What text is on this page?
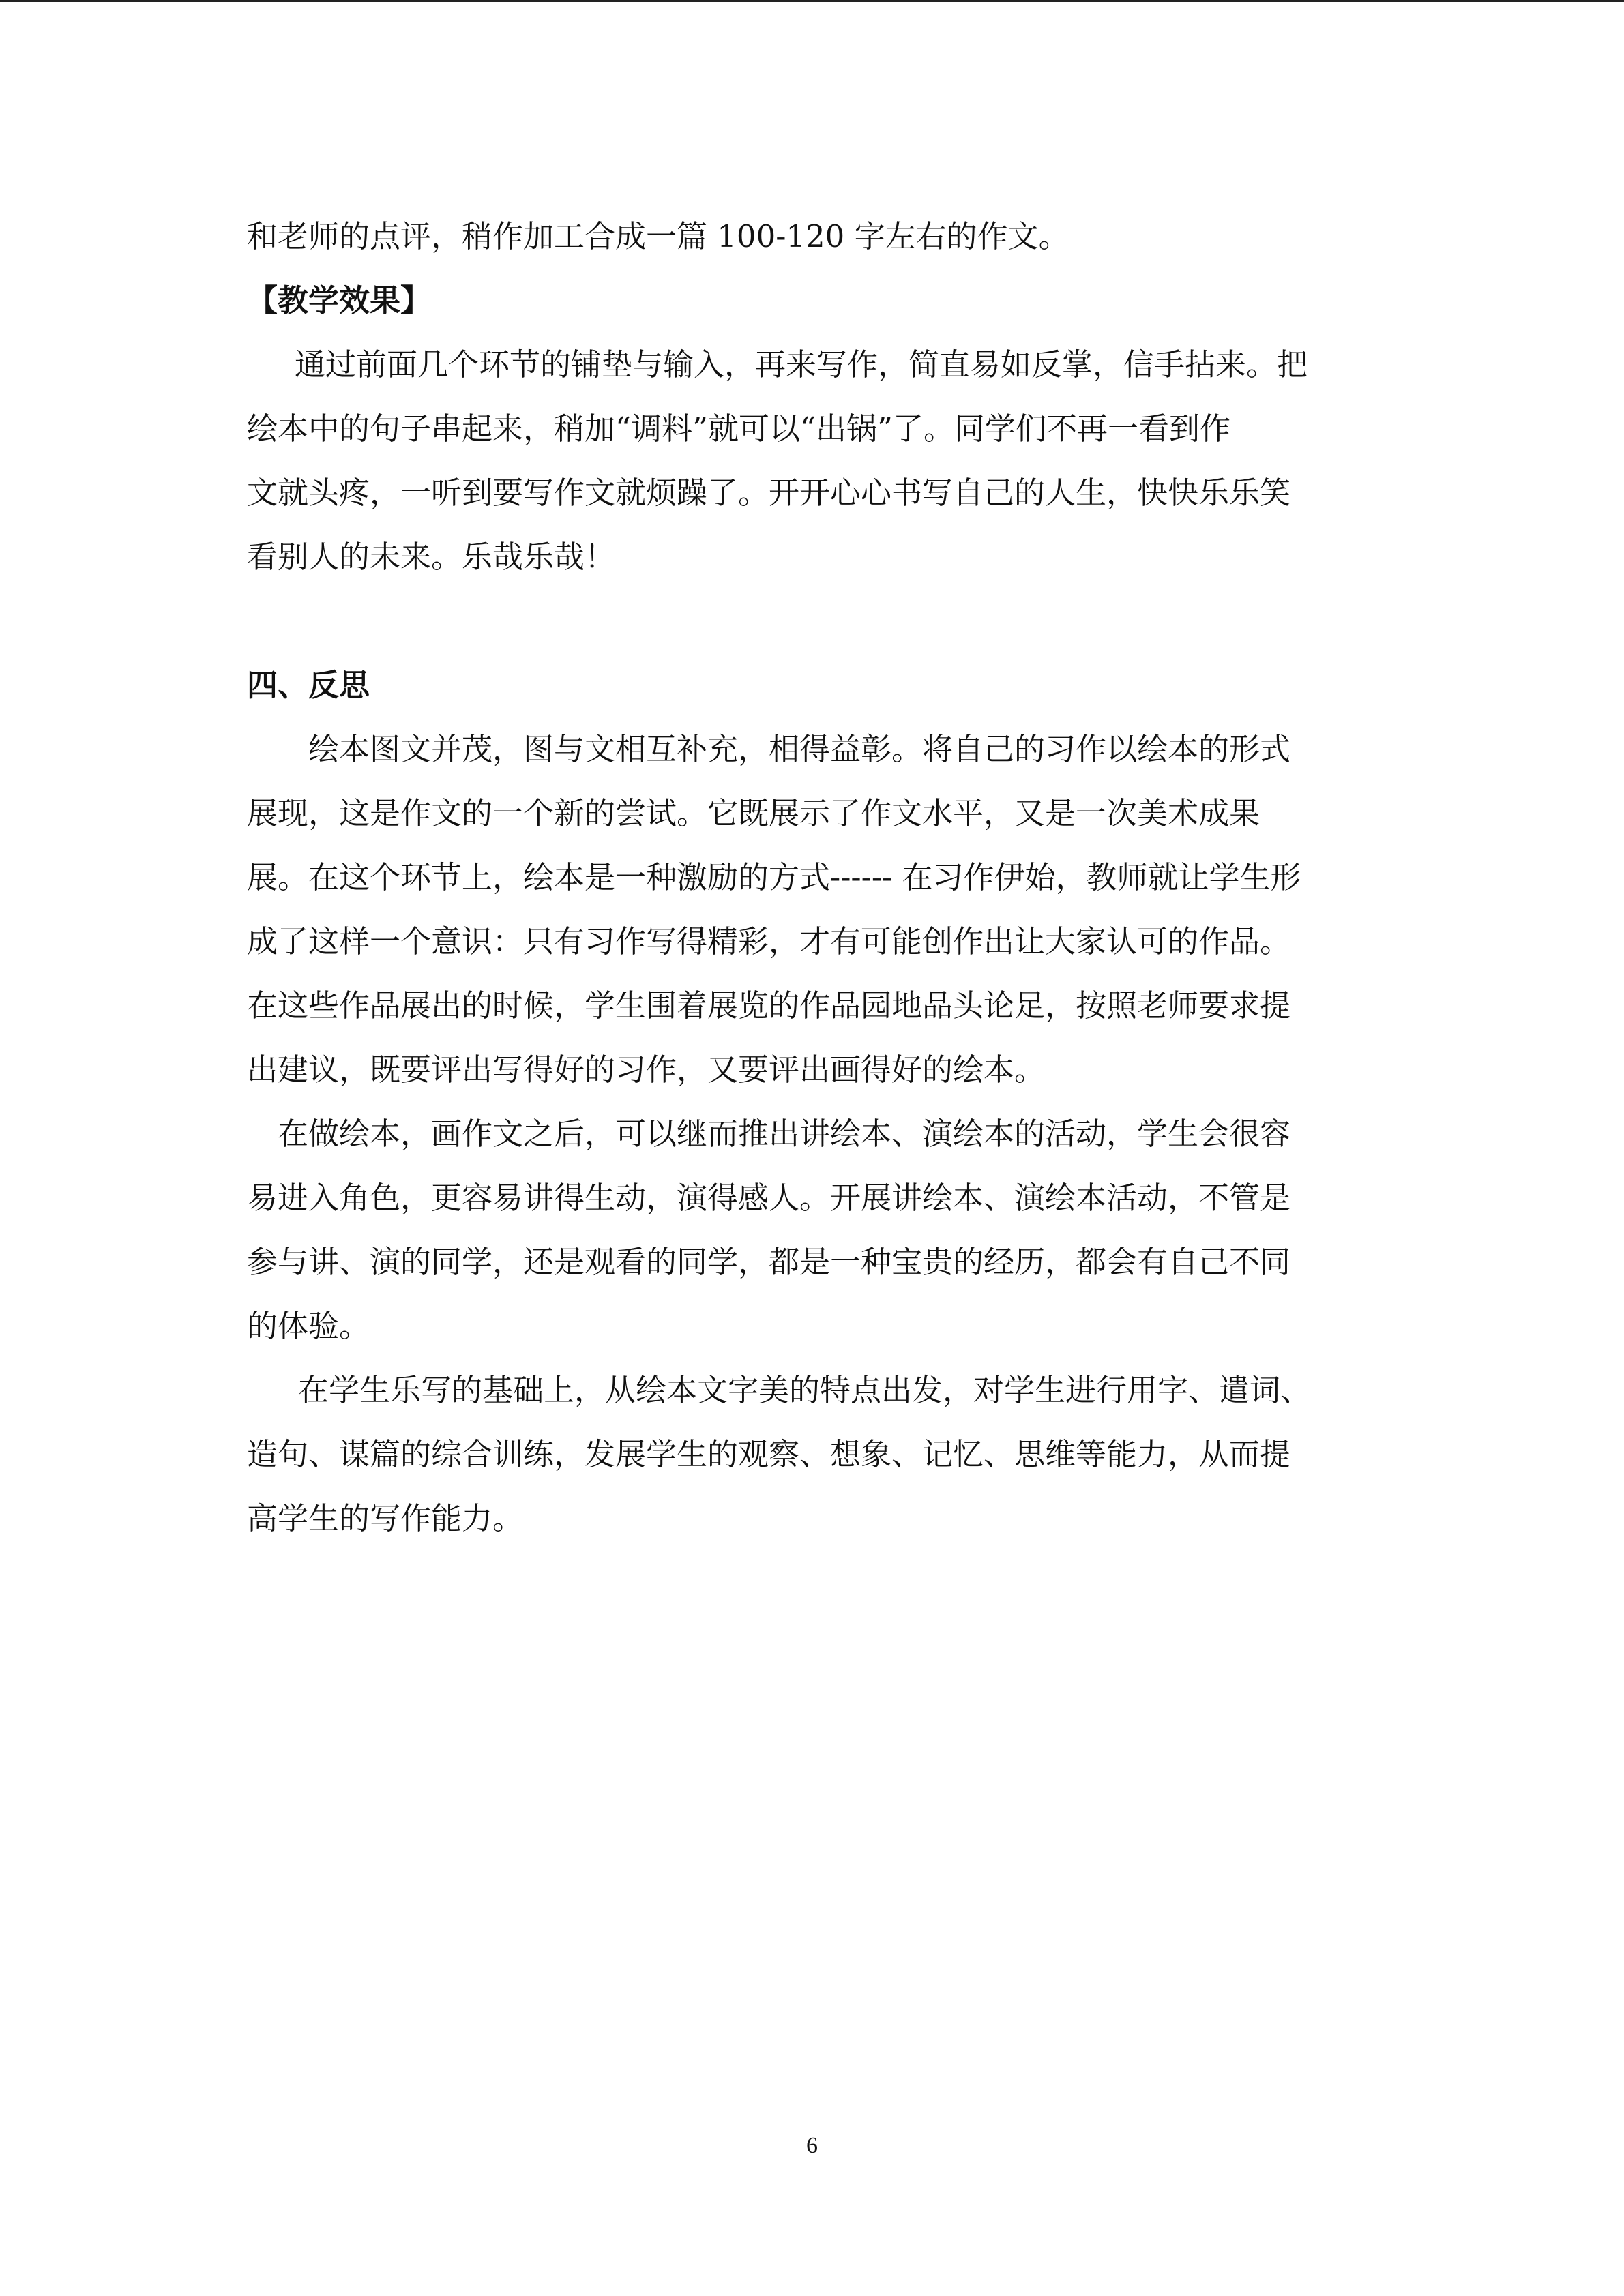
和老师的点评，稍作加工合成一篇 100-120 字左右的作文。
【教学效果】
通过前面几个环节的铺垫与输入，再来写作，简直易如反掌，信手拈来。把
绘本中的句子串起来，稍加“调料”就可以“出锅”了。同学们不再一看到作
文就头疼，一听到要写作文就烦躁了。开开心心书写自己的人生，快快乐乐笑
看别人的未来。乐哉乐哉！
四、反思
绘本图文并茂，图与文相互补充，相得益彰。将自己的习作以绘本的形式
展现，这是作文的一个新的尝试。它既展示了作文水平，又是一次美术成果
展。在这个环节上，绘本是一种激励的方式------ 在习作伊始，教师就让学生形
成了这样一个意识：只有习作写得精彩，才有可能创作出让大家认可的作品。
在这些作品展出的时候，学生围着展览的作品园地品头论足，按照老师要求提
出建议，既要评出写得好的习作，又要评出画得好的绘本。
在做绘本，画作文之后，可以继而推出讲绘本、演绘本的活动，学生会很容
易进入角色，更容易讲得生动，演得感人。开展讲绘本、演绘本活动，不管是
参与讲、演的同学，还是观看的同学，都是一种宝贵的经历，都会有自己不同
的体验。
在学生乐写的基础上，从绘本文字美的特点出发，对学生进行用字、遣词、
造句、谋篇的综合训练，发展学生的观察、想象、记忆、思维等能力，从而提
高学生的写作能力。
6
